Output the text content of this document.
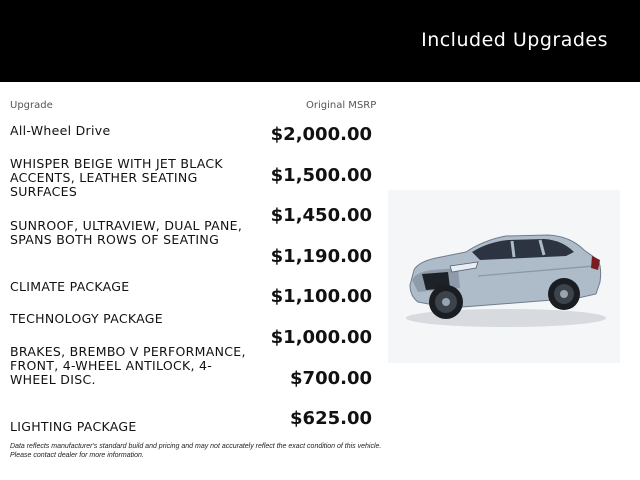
Included Upgrades
Upgrade	Original MSRP
All-Wheel Drive
WHISPER BEIGE WITH JET BLACK ACCENTS, LEATHER SEATING SURFACES
SUNROOF, ULTRAVIEW, DUAL PANE, SPANS BOTH ROWS OF SEATING
CLIMATE PACKAGE
TECHNOLOGY PACKAGE
BRAKES, BREMBO V PERFORMANCE, FRONT, 4-WHEEL ANTILOCK, 4-WHEEL DISC.
LIGHTING PACKAGE
$2,000.00
$1,500.00
$1,450.00
$1,190.00
$1,100.00
$1,000.00
$700.00
$625.00
Data reflects manufacturer's standard build and pricing and may not accurately reflect the exact condition of this vehicle. Please contact dealer for more information.
